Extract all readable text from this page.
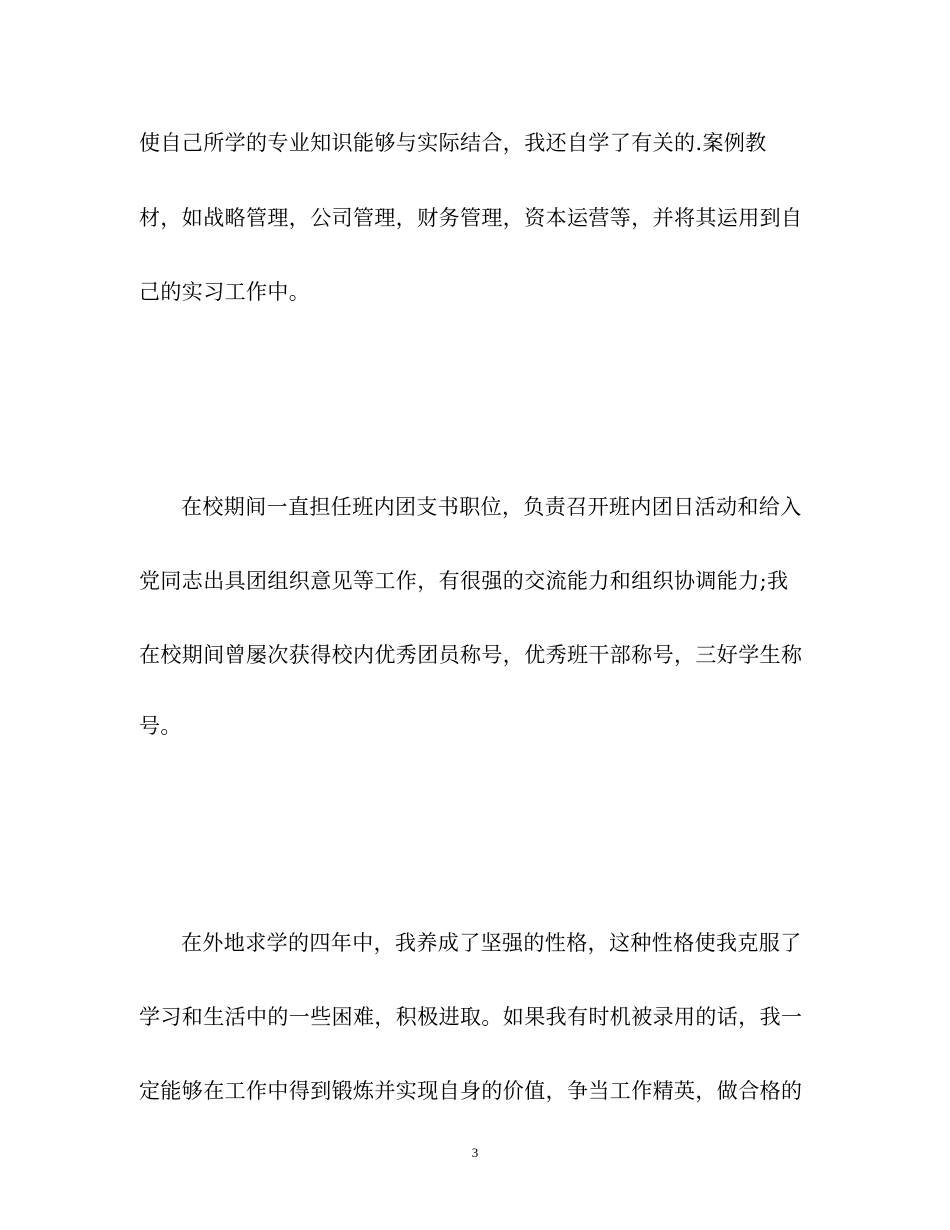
使自己所学的专业知识能够与实际结合，我还自学了有关的.案例教
材，如战略管理，公司管理，财务管理，资本运营等，并将其运用到自
己的实习工作中。
在校期间一直担任班内团支书职位，负责召开班内团日活动和给入
党同志出具团组织意见等工作，有很强的交流能力和组织协调能力;我
在校期间曾屡次获得校内优秀团员称号，优秀班干部称号，三好学生称
号。
在外地求学的四年中，我养成了坚强的性格，这种性格使我克服了
学习和生活中的一些困难，积极进取。如果我有时机被录用的话，我一
定能够在工作中得到锻炼并实现自身的价值，争当工作精英，做合格的
3
